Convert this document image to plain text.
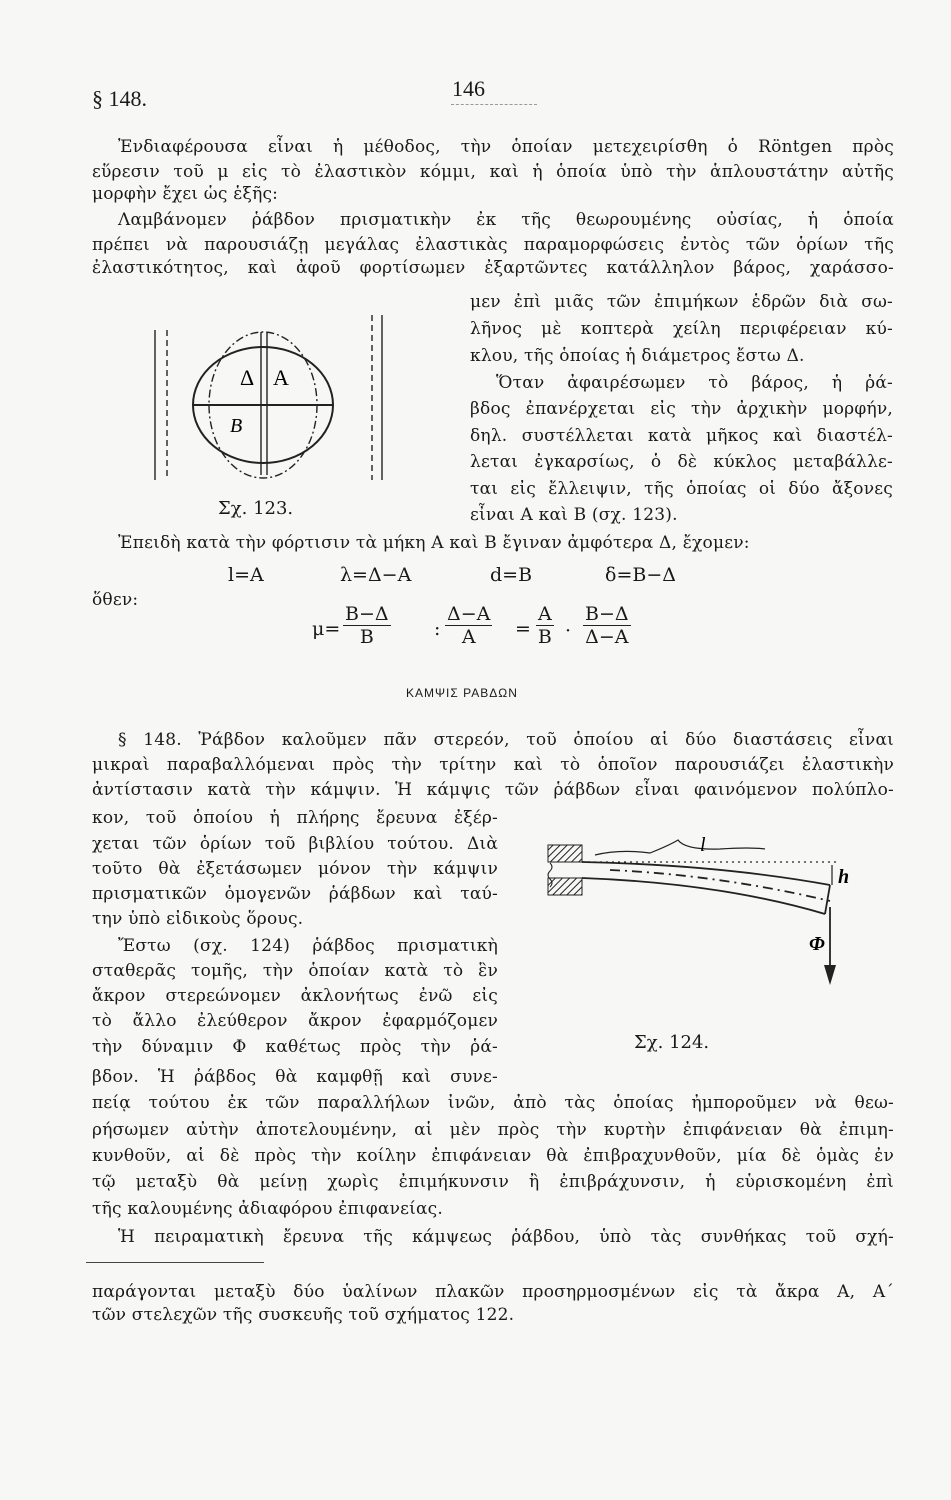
§ 148.	146
Ἐνδιαφέρουσα εἶναι ἡ μέθοδος, τὴν ὁποίαν μετεχειρίσθη ὁ Röntgen πρὸς
εὕρεσιν τοῦ μ εἰς τὸ ἐλαστικὸν κόμμι, καὶ ἡ ὁποία ὑπὸ τὴν ἁπλουστάτην αὐτῆς
μορφὴν ἔχει ὡς ἑξῆς:
Λαμβάνομεν ῥάβδον πρισματικὴν ἐκ τῆς θεωρουμένης οὐσίας, ἡ ὁποία
πρέπει νὰ παρουσιάζῃ μεγάλας ἐλαστικὰς παραμορφώσεις ἐντὸς τῶν ὁρίων τῆς
ἐλαστικότητος, καὶ ἀφοῦ φορτίσωμεν ἐξαρτῶντες κατάλληλον βάρος, χαράσσο-
μεν ἐπὶ μιᾶς τῶν ἐπιμήκων ἑδρῶν διὰ σω-
λῆνος μὲ κοπτερὰ χείλη περιφέρειαν κύ-
κλου, τῆς ὁποίας ἡ διάμετρος ἔστω Δ.
Ὅταν ἀφαιρέσωμεν τὸ βάρος, ἡ ῥά-
βδος ἐπανέρχεται εἰς τὴν ἀρχικὴν μορφήν,
δηλ. συστέλλεται κατὰ μῆκος καὶ διαστέλ-
λεται ἐγκαρσίως, ὁ δὲ κύκλος μεταβάλλε-
ται εἰς ἔλλειψιν, τῆς ὁποίας οἱ δύο ἄξονες
εἶναι Α καὶ Β (σχ. 123).
Δ Α
Β
Σχ. 123.
Ἐπειδὴ κατὰ τὴν φόρτισιν τὰ μήκη Α καὶ Β ἔγιναν ἀμφότερα Δ, ἔχομεν:
l=Α	λ=Δ−Α	d=Β	δ=Β−Δ
ὅθεν:
$\mu= \frac{B-\Delta}{B}$ : $\frac{\Delta-A}{A} = \frac{A}{B} \cdot \frac{B-\Delta}{\Delta-A}$
ΚΑΜΨΙΣ ΡΑΒΔΩΝ
§ 148. Ῥάβδον καλοῦμεν πᾶν στερεόν, τοῦ ὁποίου αἱ δύο διαστάσεις εἶναι
μικραὶ παραβαλλόμεναι πρὸς τὴν τρίτην καὶ τὸ ὁποῖον παρουσιάζει ἐλαστικὴν
ἀντίστασιν κατὰ τὴν κάμψιν. Ἡ κάμψις τῶν ῥάβδων εἶναι φαινόμενον πολύπλο-
κον, τοῦ ὁποίου ἡ πλήρης ἔρευνα ἐξέρ-
χεται τῶν ὁρίων τοῦ βιβλίου τούτου. Διὰ
τοῦτο θὰ ἐξετάσωμεν μόνον τὴν κάμψιν
πρισματικῶν ὁμογενῶν ῥάβδων καὶ ταύ-
την ὑπὸ εἰδικοὺς ὅρους.
Ἔστω (σχ. 124) ῥάβδος πρισματικὴ
σταθερᾶς τομῆς, τὴν ὁποίαν κατὰ τὸ ἓν
ἄκρον στερεώνομεν ἀκλονήτως ἐνῶ εἰς
τὸ ἄλλο ἐλεύθερον ἄκρον ἐφαρμόζομεν
τὴν δύναμιν Φ καθέτως πρὸς τὴν ῥά-
βδον. Ἡ ῥάβδος θὰ καμφθῇ καὶ συνε-
l
h
Φ
Σχ. 124.
πείᾳ τούτου ἐκ τῶν παραλλήλων ἰνῶν, ἀπὸ τὰς ὁποίας ἠμποροῦμεν νὰ θεω-
ρήσωμεν αὐτὴν ἀποτελουμένην, αἱ μὲν πρὸς τὴν κυρτὴν ἐπιφάνειαν θὰ ἐπιμη-
κυνθοῦν, αἱ δὲ πρὸς τὴν κοίλην ἐπιφάνειαν θὰ ἐπιβραχυνθοῦν, μία δὲ ὁμὰς ἐν
τῷ μεταξὺ θὰ μείνῃ χωρὶς ἐπιμήκυνσιν ἢ ἐπιβράχυνσιν, ἡ εὑρισκομένη ἐπὶ
τῆς καλουμένης ἀδιαφόρου ἐπιφανείας.
Ἡ πειραματικὴ ἔρευνα τῆς κάμψεως ῥάβδου, ὑπὸ τὰς συνθήκας τοῦ σχή-
παράγονται μεταξὺ δύο ὑαλίνων πλακῶν προσηρμοσμένων εἰς τὰ ἄκρα Α, Α΄
τῶν στελεχῶν τῆς συσκευῆς τοῦ σχήματος 122.
